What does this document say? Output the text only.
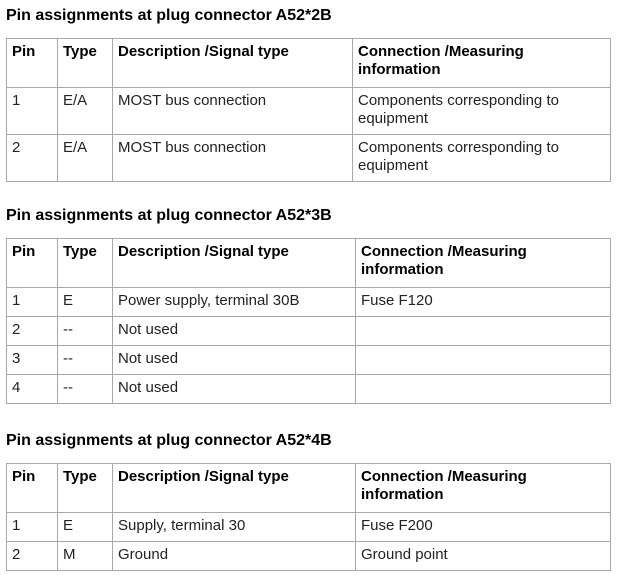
Pin assignments at plug connector A52*2B
Pin	Type	Description /Signal type	Connection /Measuring information
1	E/A	MOST bus connection	Components corresponding to equipment
2	E/A	MOST bus connection	Components corresponding to equipment
Pin assignments at plug connector A52*3B
Pin	Type	Description /Signal type	Connection /Measuring information
1	E	Power supply, terminal 30B	Fuse F120
2	--	Not used	
3	--	Not used	
4	--	Not used	
Pin assignments at plug connector A52*4B
Pin	Type	Description /Signal type	Connection /Measuring information
1	E	Supply, terminal 30	Fuse F200
2	M	Ground	Ground point
